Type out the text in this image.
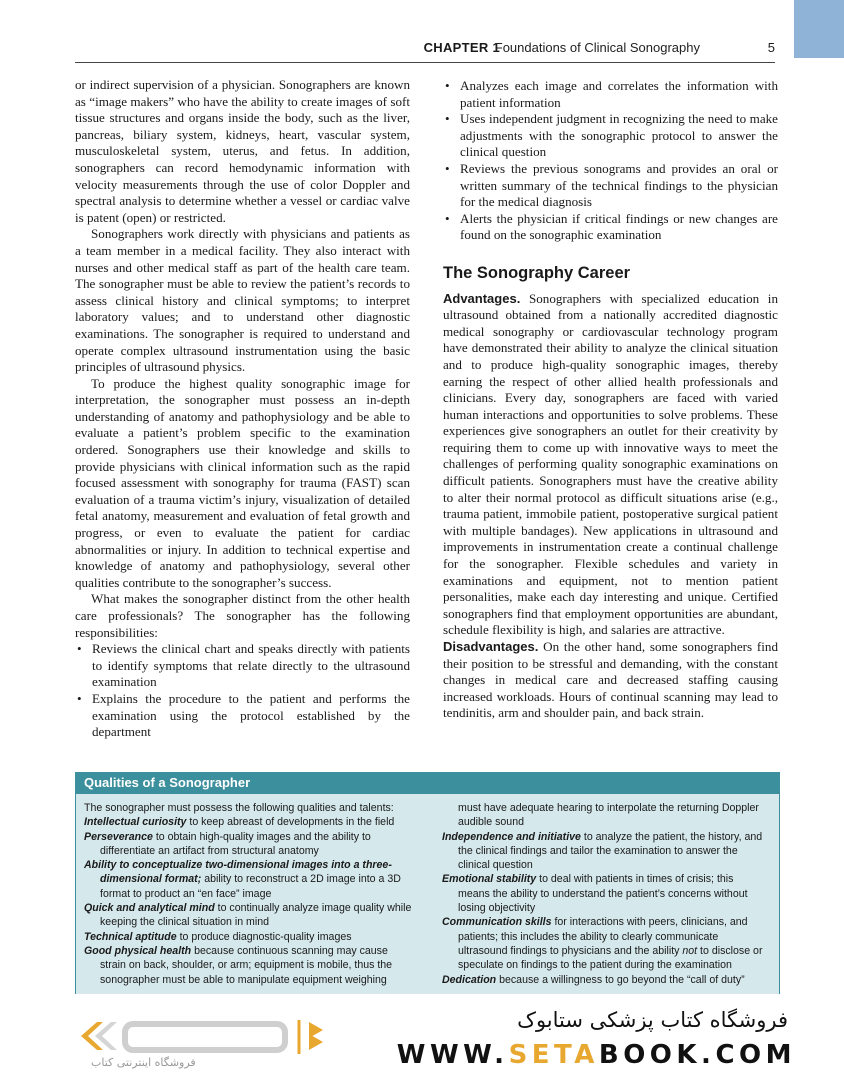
CHAPTER 1
Foundations of Clinical Sonography	5

or indirect supervision of a physician. Sonographers are known as “image makers” who have the ability to create images of soft tissue structures and organs inside the body, such as the liver, pancreas, biliary system, kidneys, heart, vascular system, musculoskeletal system, uterus, and fetus. In addition, sonographers can record hemodynamic information with velocity measurements through the use of color Doppler and spectral analysis to determine whether a vessel or cardiac valve is patent (open) or restricted.

Sonographers work directly with physicians and patients as a team member in a medical facility. They also interact with nurses and other medical staff as part of the health care team. The sonographer must be able to review the patient’s records to assess clinical history and clinical symptoms; to interpret laboratory values; and to understand other diagnostic examinations. The sonographer is required to understand and operate complex ultrasound instrumentation using the basic principles of ultrasound physics.

To produce the highest quality sonographic image for interpretation, the sonographer must possess an in-depth understanding of anatomy and pathophysiology and be able to evaluate a patient’s problem specific to the examination ordered. Sonographers use their knowledge and skills to provide physicians with clinical information such as the rapid focused assessment with sonography for trauma (FAST) scan evaluation of a trauma victim’s injury, visualization of detailed fetal anatomy, measurement and evaluation of fetal growth and progress, or even to evaluate the patient for cardiac abnormalities or injury. In addition to technical expertise and knowledge of anatomy and pathophysiology, several other qualities contribute to the sonographer’s success.

What makes the sonographer distinct from the other health care professionals? The sonographer has the following responsibilities:

• Reviews the clinical chart and speaks directly with patients to identify symptoms that relate directly to the ultrasound examination
• Explains the procedure to the patient and performs the examination using the protocol established by the department
• Analyzes each image and correlates the information with patient information
• Uses independent judgment in recognizing the need to make adjustments with the sonographic protocol to answer the clinical question
• Reviews the previous sonograms and provides an oral or written summary of the technical findings to the physician for the medical diagnosis
• Alerts the physician if critical findings or new changes are found on the sonographic examination
The Sonography Career

Advantages. Sonographers with specialized education in ultrasound obtained from a nationally accredited diagnostic medical sonography or cardiovascular technology program have demonstrated their ability to analyze the clinical situation and to produce high-quality sonographic images, thereby earning the respect of other allied health professionals and clinicians. Every day, sonographers are faced with varied human interactions and opportunities to solve problems. These experiences give sonographers an outlet for their creativity by requiring them to come up with innovative ways to meet the challenges of performing quality sonographic examinations on difficult patients. Sonographers must have the creative ability to alter their normal protocol as difficult situations arise (e.g., trauma patient, immobile patient, postoperative surgical patient with multiple bandages). New applications in ultrasound and improvements in instrumentation create a continual challenge for the sonographer. Flexible schedules and variety in examinations and equipment, not to mention patient personalities, make each day interesting and unique. Certified sonographers find that employment opportunities are abundant, schedule flexibility is high, and salaries are attractive.

Disadvantages. On the other hand, some sonographers find their position to be stressful and demanding, with the constant changes in medical care and decreased staffing causing increased workloads. Hours of continual scanning may lead to tendinitis, arm and shoulder pain, and back strain.

Qualities of a Sonographer
The sonographer must possess the following qualities and talents:
Intellectual curiosity to keep abreast of developments in the field
Perseverance to obtain high-quality images and the ability to differentiate an artifact from structural anatomy
Ability to conceptualize two-dimensional images into a three-dimensional format; ability to reconstruct a 2D image into a 3D format to product an “en face” image
Quick and analytical mind to continually analyze image quality while keeping the clinical situation in mind
Technical aptitude to produce diagnostic-quality images
Good physical health because continuous scanning may cause strain on back, shoulder, or arm; equipment is mobile, thus the sonographer must be able to manipulate equipment weighing
must have adequate hearing to interpolate the returning Doppler audible sound
Independence and initiative to analyze the patient, the history, and the clinical findings and tailor the examination to answer the clinical question
Emotional stability to deal with patients in times of crisis; this means the ability to understand the patient’s concerns without losing objectivity
Communication skills for interactions with peers, clinicians, and patients; this includes the ability to clearly communicate ultrasound findings to physicians and the ability not to disclose or speculate on findings to the patient during the examination
Dedication because a willingness to go beyond the “call of duty”
فروشگاه اینترنتی کتاب
فروشگاه کتاب پزشکی ستابوک
WWW.SETABOOK.COM
